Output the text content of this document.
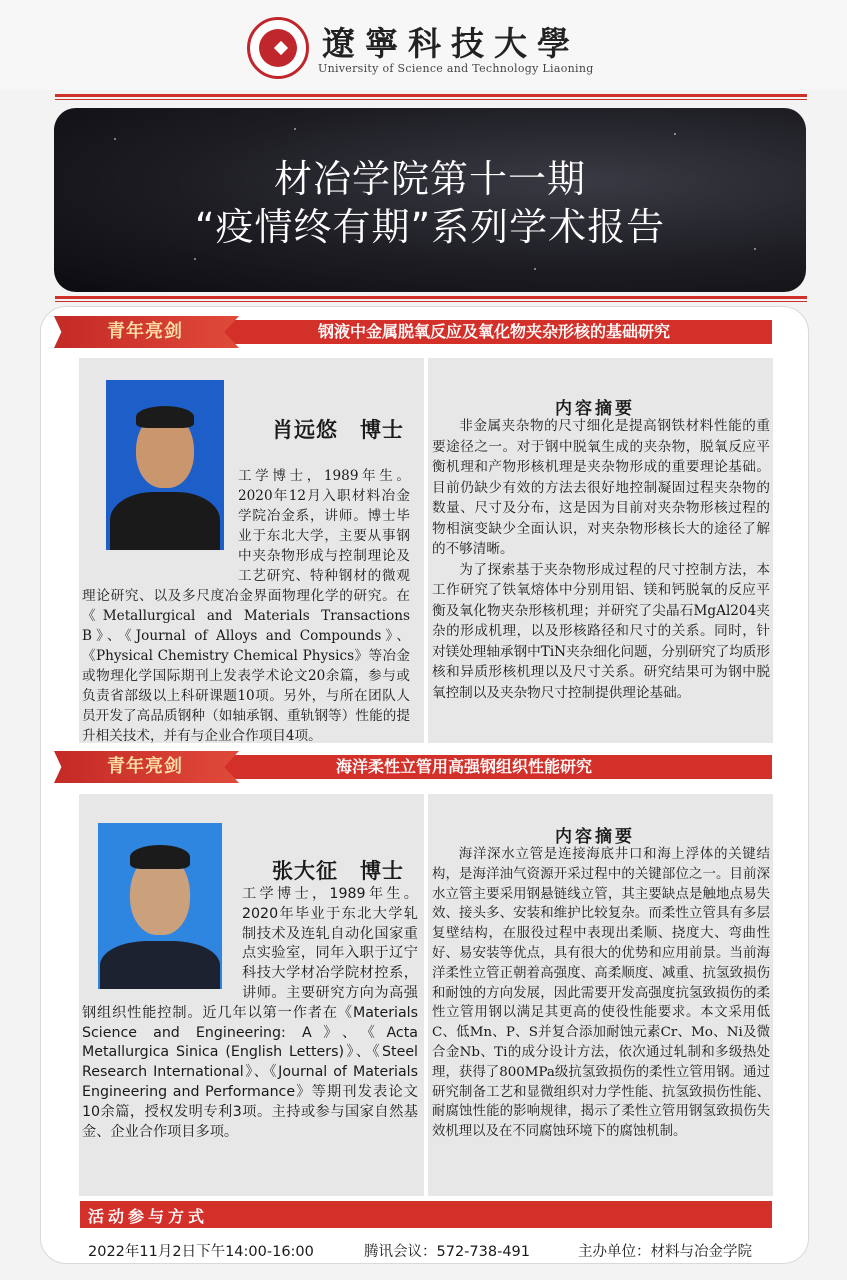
遼寧科技大學
University of Science and Technology Liaoning
材冶学院第十一期
“疫情终有期”系列学术报告
钢液中金属脱氧反应及氧化物夹杂形核的基础研究
青年亮剑
肖远悠　博士
工学博士，1989年生。2020年12月入职材料冶金学院冶金系，讲师。博士毕业于东北大学，主要从事钢中夹杂物形成与控制理论及工艺研究、特种钢材的微观理论研究、以及多尺度冶金界面物理化学的研究。在《Metallurgical and Materials Transactions B》、《Journal of Alloys and Compounds》、《Physical Chemistry Chemical Physics》等冶金或物理化学国际期刊上发表学术论文20余篇，参与或负责省部级以上科研课题10项。另外，与所在团队人员开发了高品质钢种（如轴承钢、重轨钢等）性能的提升相关技术，并有与企业合作项目4项。
内容摘要

非金属夹杂物的尺寸细化是提高钢铁材料性能的重要途径之一。对于钢中脱氧生成的夹杂物，脱氧反应平衡机理和产物形核机理是夹杂物形成的重要理论基础。目前仍缺少有效的方法去很好地控制凝固过程夹杂物的数量、尺寸及分布，这是因为目前对夹杂物形核过程的物相演变缺少全面认识，对夹杂物形核长大的途径了解的不够清晰。

为了探索基于夹杂物形成过程的尺寸控制方法，本工作研究了铁氧熔体中分别用铝、镁和钙脱氧的反应平衡及氧化物夹杂形核机理；并研究了尖晶石MgAl204夹杂的形成机理，以及形核路径和尺寸的关系。同时，针对镁处理轴承钢中TiN夹杂细化问题，分别研究了均质形核和异质形核机理以及尺寸关系。研究结果可为钢中脱氧控制以及夹杂物尺寸控制提供理论基础。

海洋柔性立管用高强钢组织性能研究
青年亮剑
张大征　博士
工学博士，1989年生。2020年毕业于东北大学轧制技术及连轧自动化国家重点实验室，同年入职于辽宁科技大学材冶学院材控系，讲师。主要研究方向为高强钢组织性能控制。近几年以第一作者在《Materials Science and Engineering: A》、《Acta Metallurgica Sinica (English Letters)》、《Steel Research International》、《Journal of Materials Engineering and Performance》等期刊发表论文10余篇，授权发明专利3项。主持或参与国家自然基金、企业合作项目多项。
内容摘要

海洋深水立管是连接海底井口和海上浮体的关键结构，是海洋油气资源开采过程中的关键部位之一。目前深水立管主要采用钢悬链线立管，其主要缺点是触地点易失效、接头多、安装和维护比较复杂。而柔性立管具有多层复壁结构，在服役过程中表现出柔顺、挠度大、弯曲性好、易安装等优点，具有很大的优势和应用前景。当前海洋柔性立管正朝着高强度、高柔顺度、减重、抗氢致损伤和耐蚀的方向发展，因此需要开发高强度抗氢致损伤的柔性立管用钢以满足其更高的使役性能要求。本文采用低C、低Mn、P、S并复合添加耐蚀元素Cr、Mo、Ni及微合金Nb、Ti的成分设计方法，依次通过轧制和多级热处理，获得了800MPa级抗氢致损伤的柔性立管用钢。通过研究制备工艺和显微组织对力学性能、抗氢致损伤性能、耐腐蚀性能的影响规律，揭示了柔性立管用钢氢致损伤失效机理以及在不同腐蚀环境下的腐蚀机制。

活动参与方式
2022年11月2日下午14:00-16:00	腾讯会议：572-738-491	主办单位：材料与冶金学院
